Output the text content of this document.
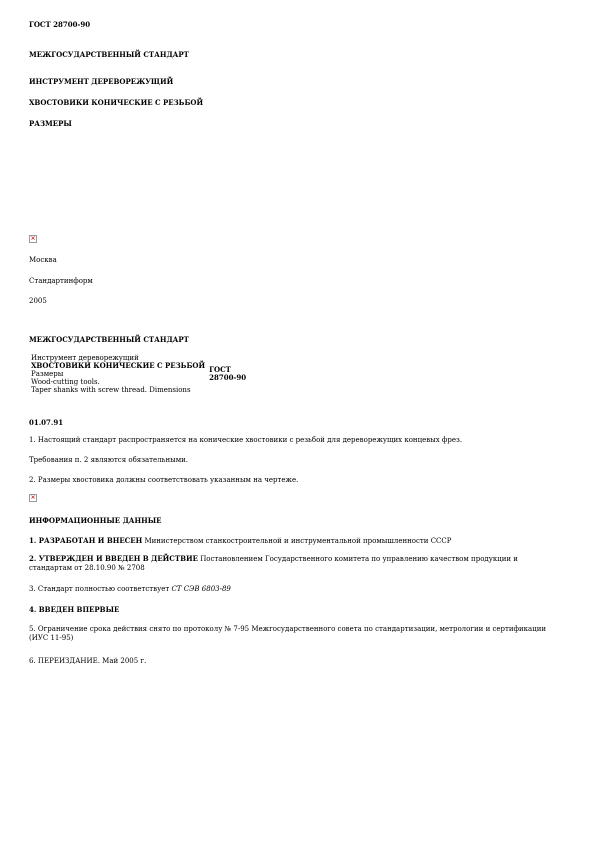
ГОСТ 28700-90

МЕЖГОСУДАРСТВЕННЫЙ СТАНДАРТ

ИНСТРУМЕНТ ДЕРЕВОРЕЖУЩИЙ

ХВОСТОВИКИ КОНИЧЕСКИЕ С РЕЗЬБОЙ

РАЗМЕРЫ

×

Москва

Стандартинформ

2005

МЕЖГОСУДАРСТВЕННЫЙ СТАНДАРТ

Инструмент дереворежущий
ХВОСТОВИКИ КОНИЧЕСКИЕ С РЕЗЬБОЙ
Размеры
Wood-cutting tools.
Taper shanks with screw thread. Dimensions

ГОСТ
28700-90

01.07.91

1. Настоящий стандарт распространяется на конические хвостовики с резьбой для дереворежущих концевых фрез.

Требования п. 2 являются обязательными.

2. Размеры хвостовика должны соответствовать указанным на чертеже.

×

ИНФОРМАЦИОННЫЕ ДАННЫЕ

1. РАЗРАБОТАН И ВНЕСЕН Министерством станкостроительной и инструментальной промышленности СССР

2. УТВЕРЖДЕН И ВВЕДЕН В ДЕЙСТВИЕ Постановлением Государственного комитета по управлению качеством продукции и стандартам от 28.10.90 № 2708

3. Стандарт полностью соответствует СТ СЭВ 6803-89

4. ВВЕДЕН ВПЕРВЫЕ

5. Ограничение срока действия снято по протоколу № 7-95 Межгосударственного совета по стандартизации, метрологии и сертификации (ИУС 11-95)

6. ПЕРЕИЗДАНИЕ. Май 2005 г.
